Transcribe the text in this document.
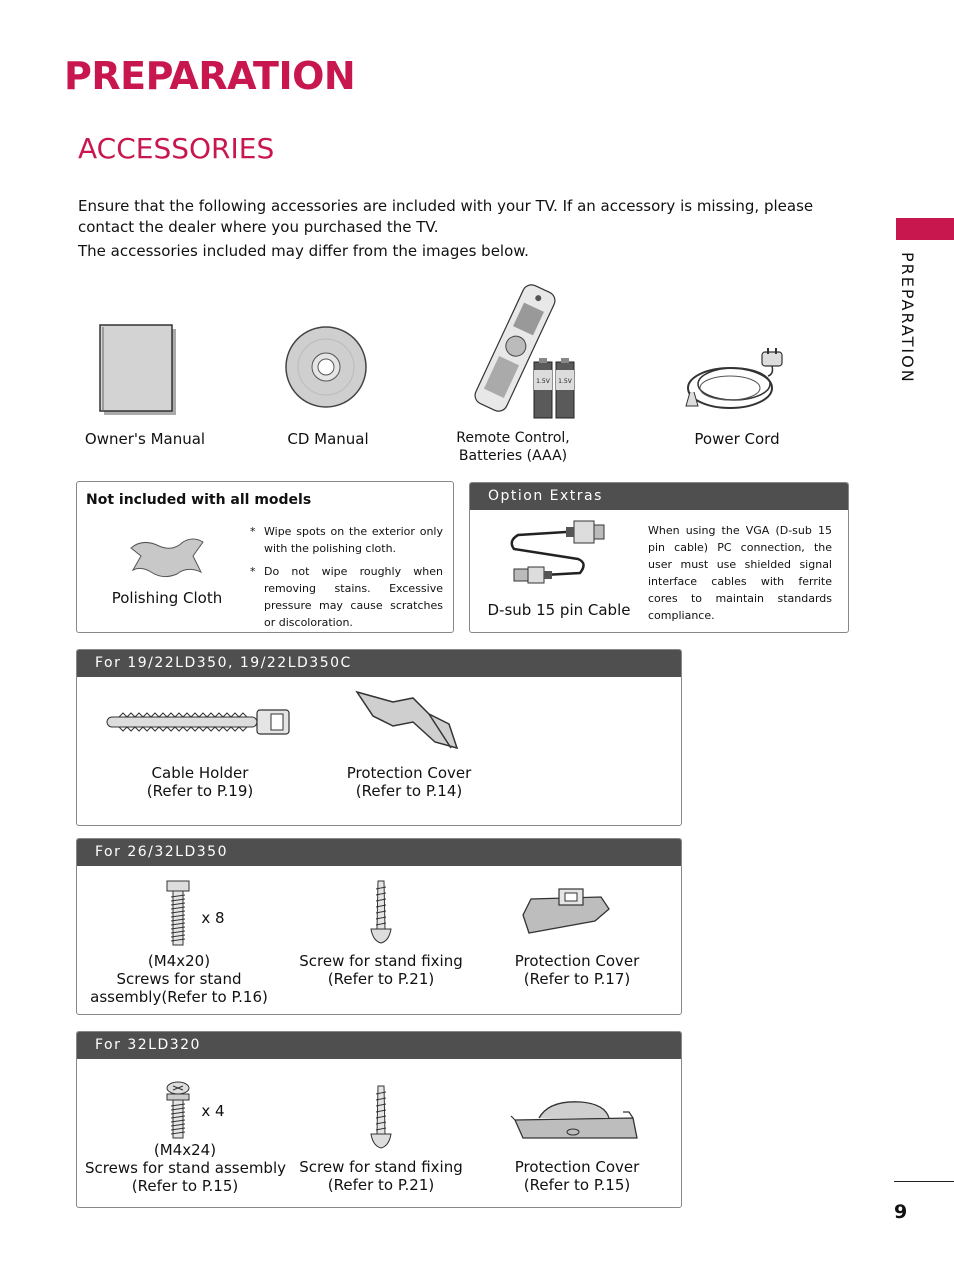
PREPARATION
ACCESSORIES

Ensure that the following accessories are included with your TV. If an accessory is missing, please contact the dealer where you purchased the TV.

The accessories included may differ from the images below.

PREPARATION
Owner's Manual	CD Manual
1.5V 1.5V
Remote Control,
Batteries (AAA)
Power Cord
Not included with all models
Polishing Cloth
* Wipe spots on the exterior only with the polishing cloth.
* Do not wipe roughly when removing stains. Excessive pressure may cause scratches or discoloration.
Option Extras
D-sub 15 pin Cable
When using the VGA (D-sub 15 pin cable) PC connection, the user must use shielded signal interface cables with ferrite cores to maintain standards compliance.
For 19/22LD350, 19/22LD350C
Cable Holder
(Refer to P.19)
Protection Cover
(Refer to P.14)
For 26/32LD350
x 8
(M4x20)
Screws for stand
assembly(Refer to P.16)
Screw for stand fixing
(Refer to P.21)
Protection Cover
(Refer to P.17)
For 32LD320
x 4
(M4x24)
Screws for stand assembly
(Refer to P.15)
Screw for stand fixing
(Refer to P.21)
Protection Cover
(Refer to P.15)
9
